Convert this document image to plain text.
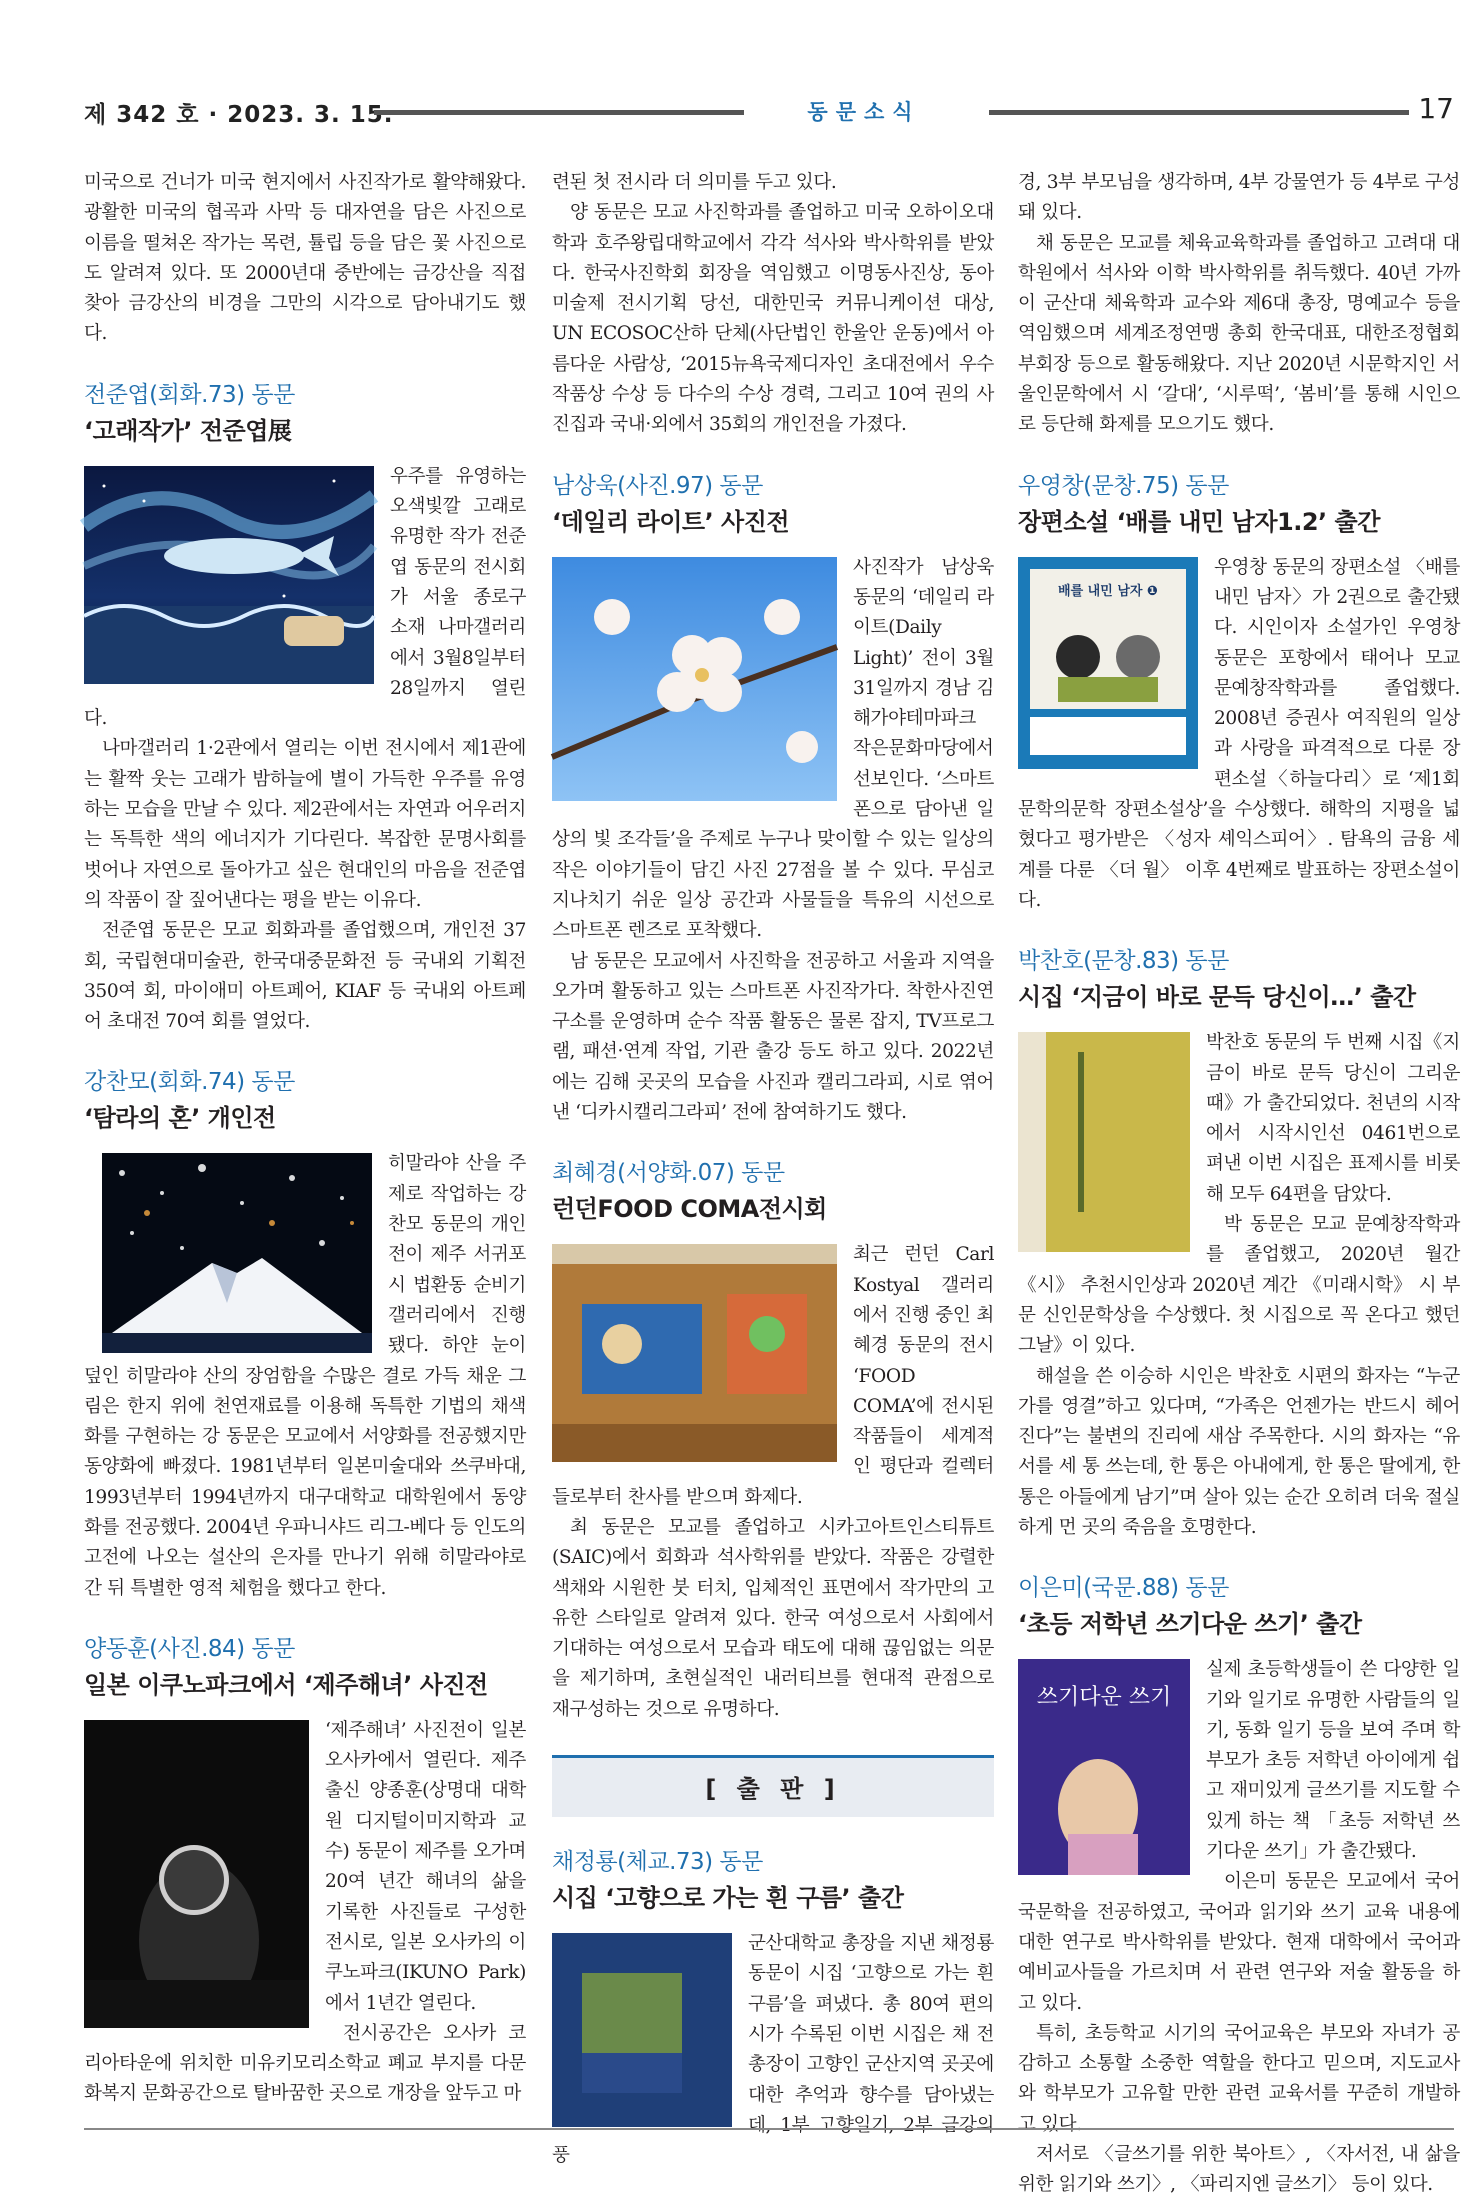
제 342 호 · 2023. 3. 15.	동문소식	17

미국으로 건너가 미국 현지에서 사진작가로 활약해왔다. 광활한 미국의 협곡과 사막 등 대자연을 담은 사진으로 이름을 떨쳐온 작가는 목련, 튤립 등을 담은 꽃 사진으로도 알려져 있다. 또 2000년대 중반에는 금강산을 직접 찾아 금강산의 비경을 그만의 시각으로 담아내기도 했다.

전준엽(회화.73) 동문
‘고래작가’ 전준엽展

우주를 유영하는 오색빛깔 고래로 유명한 작가 전준엽 동문의 전시회가 서울 종로구 소재 나마갤러리에서 3월8일부터 28일까지 열린다.

나마갤러리 1·2관에서 열리는 이번 전시에서 제1관에는 활짝 웃는 고래가 밤하늘에 별이 가득한 우주를 유영하는 모습을 만날 수 있다. 제2관에서는 자연과 어우러지는 독특한 색의 에너지가 기다린다. 복잡한 문명사회를 벗어나 자연으로 돌아가고 싶은 현대인의 마음을 전준엽의 작품이 잘 짚어낸다는 평을 받는 이유다.

전준엽 동문은 모교 회화과를 졸업했으며, 개인전 37회, 국립현대미술관, 한국대중문화전 등 국내외 기획전 350여 회, 마이애미 아트페어, KIAF 등 국내외 아트페어 초대전 70여 회를 열었다.

강찬모(회화.74) 동문
‘탐라의 혼’ 개인전

히말라야 산을 주제로 작업하는 강찬모 동문의 개인전이 제주 서귀포시 법환동 순비기 갤러리에서 진행됐다. 하얀 눈이 덮인 히말라야 산의 장엄함을 수많은 결로 가득 채운 그림은 한지 위에 천연재료를 이용해 독특한 기법의 채색화를 구현하는 강 동문은 모교에서 서양화를 전공했지만 동양화에 빠졌다. 1981년부터 일본미술대와 쓰쿠바대, 1993년부터 1994년까지 대구대학교 대학원에서 동양화를 전공했다. 2004년 우파니샤드 리그-베다 등 인도의 고전에 나오는 설산의 은자를 만나기 위해 히말라야로 간 뒤 특별한 영적 체험을 했다고 한다.

양동훈(사진.84) 동문
일본 이쿠노파크에서 ‘제주해녀’ 사진전

‘제주해녀’ 사진전이 일본 오사카에서 열린다. 제주 출신 양종훈(상명대 대학원 디지털이미지학과 교수) 동문이 제주를 오가며 20여 년간 해녀의 삶을 기록한 사진들로 구성한 전시로, 일본 오사카의 이쿠노파크(IKUNO Park)에서 1년간 열린다.

전시공간은 오사카 코리아타운에 위치한 미유키모리소학교 폐교 부지를 다문화복지 문화공간으로 탈바꿈한 곳으로 개장을 앞두고 마

련된 첫 전시라 더 의미를 두고 있다.

양 동문은 모교 사진학과를 졸업하고 미국 오하이오대학과 호주왕립대학교에서 각각 석사와 박사학위를 받았다. 한국사진학회 회장을 역임했고 이명동사진상, 동아미술제 전시기획 당선, 대한민국 커뮤니케이션 대상, UN ECOSOC산하 단체(사단법인 한울안 운동)에서 아름다운 사람상, ‘2015뉴욕국제디자인 초대전에서 우수작품상 수상 등 다수의 수상 경력, 그리고 10여 권의 사진집과 국내·외에서 35회의 개인전을 가졌다.

남상욱(사진.97) 동문
‘데일리 라이트’ 사진전

사진작가 남상욱 동문의 ‘데일리 라이트(Daily Light)’ 전이 3월 31일까지 경남 김해가야테마파크 작은문화마당에서 선보인다. ‘스마트폰으로 담아낸 일상의 빛 조각들’을 주제로 누구나 맞이할 수 있는 일상의 작은 이야기들이 담긴 사진 27점을 볼 수 있다. 무심코 지나치기 쉬운 일상 공간과 사물들을 특유의 시선으로 스마트폰 렌즈로 포착했다.

남 동문은 모교에서 사진학을 전공하고 서울과 지역을 오가며 활동하고 있는 스마트폰 사진작가다. 착한사진연구소를 운영하며 순수 작품 활동은 물론 잡지, TV프로그램, 패션·연계 작업, 기관 출강 등도 하고 있다. 2022년에는 김해 곳곳의 모습을 사진과 캘리그라피, 시로 엮어낸 ‘디카시캘리그라피’ 전에 참여하기도 했다.

최혜경(서양화.07) 동문
런던FOOD COMA전시회

최근 런던 Carl Kostyal 갤러리에서 진행 중인 최혜경 동문의 전시 ‘FOOD COMA’에 전시된 작품들이 세계적인 평단과 컬렉터들로부터 찬사를 받으며 화제다.

최 동문은 모교를 졸업하고 시카고아트인스티튜트(SAIC)에서 회화과 석사학위를 받았다. 작품은 강렬한 색채와 시원한 붓 터치, 입체적인 표면에서 작가만의 고유한 스타일로 알려져 있다. 한국 여성으로서 사회에서 기대하는 여성으로서 모습과 태도에 대해 끊임없는 의문을 제기하며, 초현실적인 내러티브를 현대적 관점으로 재구성하는 것으로 유명하다.

[ 출 판 ]
채정룡(체교.73) 동문
시집 ‘고향으로 가는 흰 구름’ 출간

군산대학교 총장을 지낸 채정룡 동문이 시집 ‘고향으로 가는 흰 구름’을 펴냈다. 총 80여 편의 시가 수록된 이번 시집은 채 전 총장이 고향인 군산지역 곳곳에 대한 추억과 향수를 담아냈는데, 1부 고향일기, 2부 금강의 풍

경, 3부 부모님을 생각하며, 4부 강물연가 등 4부로 구성돼 있다.

채 동문은 모교를 체육교육학과를 졸업하고 고려대 대학원에서 석사와 이학 박사학위를 취득했다. 40년 가까이 군산대 체육학과 교수와 제6대 총장, 명예교수 등을 역임했으며 세계조정연맹 총회 한국대표, 대한조정협회 부회장 등으로 활동해왔다. 지난 2020년 시문학지인 서울인문학에서 시 ‘갈대’, ‘시루떡’, ‘봄비’를 통해 시인으로 등단해 화제를 모으기도 했다.

우영창(문창.75) 동문
장편소설 ‘배를 내민 남자1.2’ 출간
배를 내민 남자 ❶

우영창 동문의 장편소설 〈배를 내민 남자〉가 2권으로 출간됐다. 시인이자 소설가인 우영창 동문은 포항에서 태어나 모교 문예창작학과를 졸업했다. 2008년 증권사 여직원의 일상과 사랑을 파격적으로 다룬 장편소설〈하늘다리〉로 ‘제1회 문학의문학 장편소설상’을 수상했다. 해학의 지평을 넓혔다고 평가받은 〈성자 셰익스피어〉. 탐욕의 금융 세계를 다룬 〈더 월〉 이후 4번째로 발표하는 장편소설이다.

박찬호(문창.83) 동문
시집 ‘지금이 바로 문득 당신이…’ 출간

박찬호 동문의 두 번째 시집《지금이 바로 문득 당신이 그리운 때》가 출간되었다. 천년의 시작에서 시작시인선 0461번으로 펴낸 이번 시집은 표제시를 비롯해 모두 64편을 담았다.

박 동문은 모교 문예창작학과를 졸업했고, 2020년 월간 《시》 추천시인상과 2020년 계간 《미래시학》 시 부문 신인문학상을 수상했다. 첫 시집으로 꼭 온다고 했던 그날》이 있다.

해설을 쓴 이승하 시인은 박찬호 시편의 화자는 “누군가를 영결”하고 있다며, “가족은 언젠가는 반드시 헤어진다”는 불변의 진리에 새삼 주목한다. 시의 화자는 “유서를 세 통 쓰는데, 한 통은 아내에게, 한 통은 딸에게, 한 통은 아들에게 남기”며 살아 있는 순간 오히려 더욱 절실하게 먼 곳의 죽음을 호명한다.

이은미(국문.88) 동문
‘초등 저학년 쓰기다운 쓰기’ 출간
쓰기다운 쓰기

실제 초등학생들이 쓴 다양한 일기와 일기로 유명한 사람들의 일기, 동화 일기 등을 보여 주며 학부모가 초등 저학년 아이에게 쉽고 재미있게 글쓰기를 지도할 수 있게 하는 책 「초등 저학년 쓰기다운 쓰기」가 출간됐다.

이은미 동문은 모교에서 국어국문학을 전공하였고, 국어과 읽기와 쓰기 교육 내용에 대한 연구로 박사학위를 받았다. 현재 대학에서 국어과 예비교사들을 가르치며 서 관련 연구와 저술 활동을 하고 있다.

특히, 초등학교 시기의 국어교육은 부모와 자녀가 공감하고 소통할 소중한 역할을 한다고 믿으며, 지도교사와 학부모가 고유할 만한 관련 교육서를 꾸준히 개발하고 있다.

저서로 〈글쓰기를 위한 북아트〉, 〈자서전, 내 삶을 위한 읽기와 쓰기〉, 〈파리지엔 글쓰기〉 등이 있다.
